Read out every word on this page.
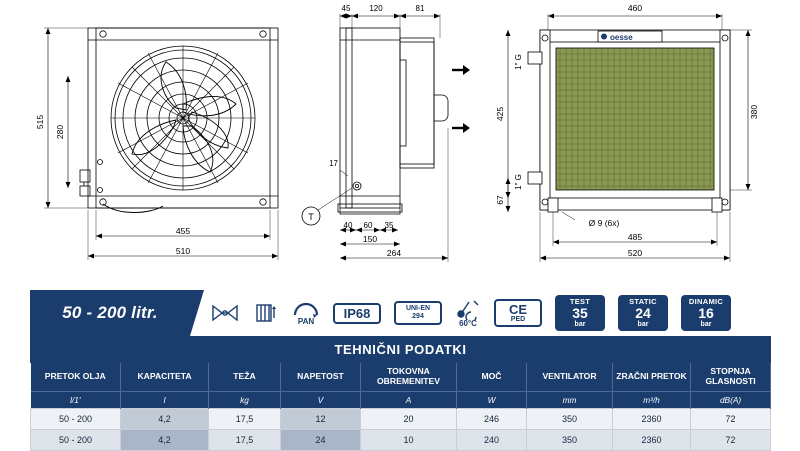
515
280
455
510
45 120	81
17
T
40 60 35
150
264
oesse
460
425	380
67
1" G
1" G
Ø 9 (6x)
485
520
50 - 200 litr.	PAN
IP68	UNI-EN
294
60°C
CE
PED
TEST
35
bar
STATIC
24
bar
DINAMIC
16
bar
TEHNIČNI PODATKI								
PRETOK OLJA	KAPACITETA	TEŽA	NAPETOST	TOKOVNA OBREMENITEV	MOČ	VENTILATOR	ZRAČNI PRETOK	STOPNJA GLASNOSTI
l/1'	l	kg	V	A	W	mm	m³/h	dB(A)
50 - 200	4,2	17,5	12	20	246	350	2360	72
50 - 200	4,2	17,5	24	10	240	350	2360	72
